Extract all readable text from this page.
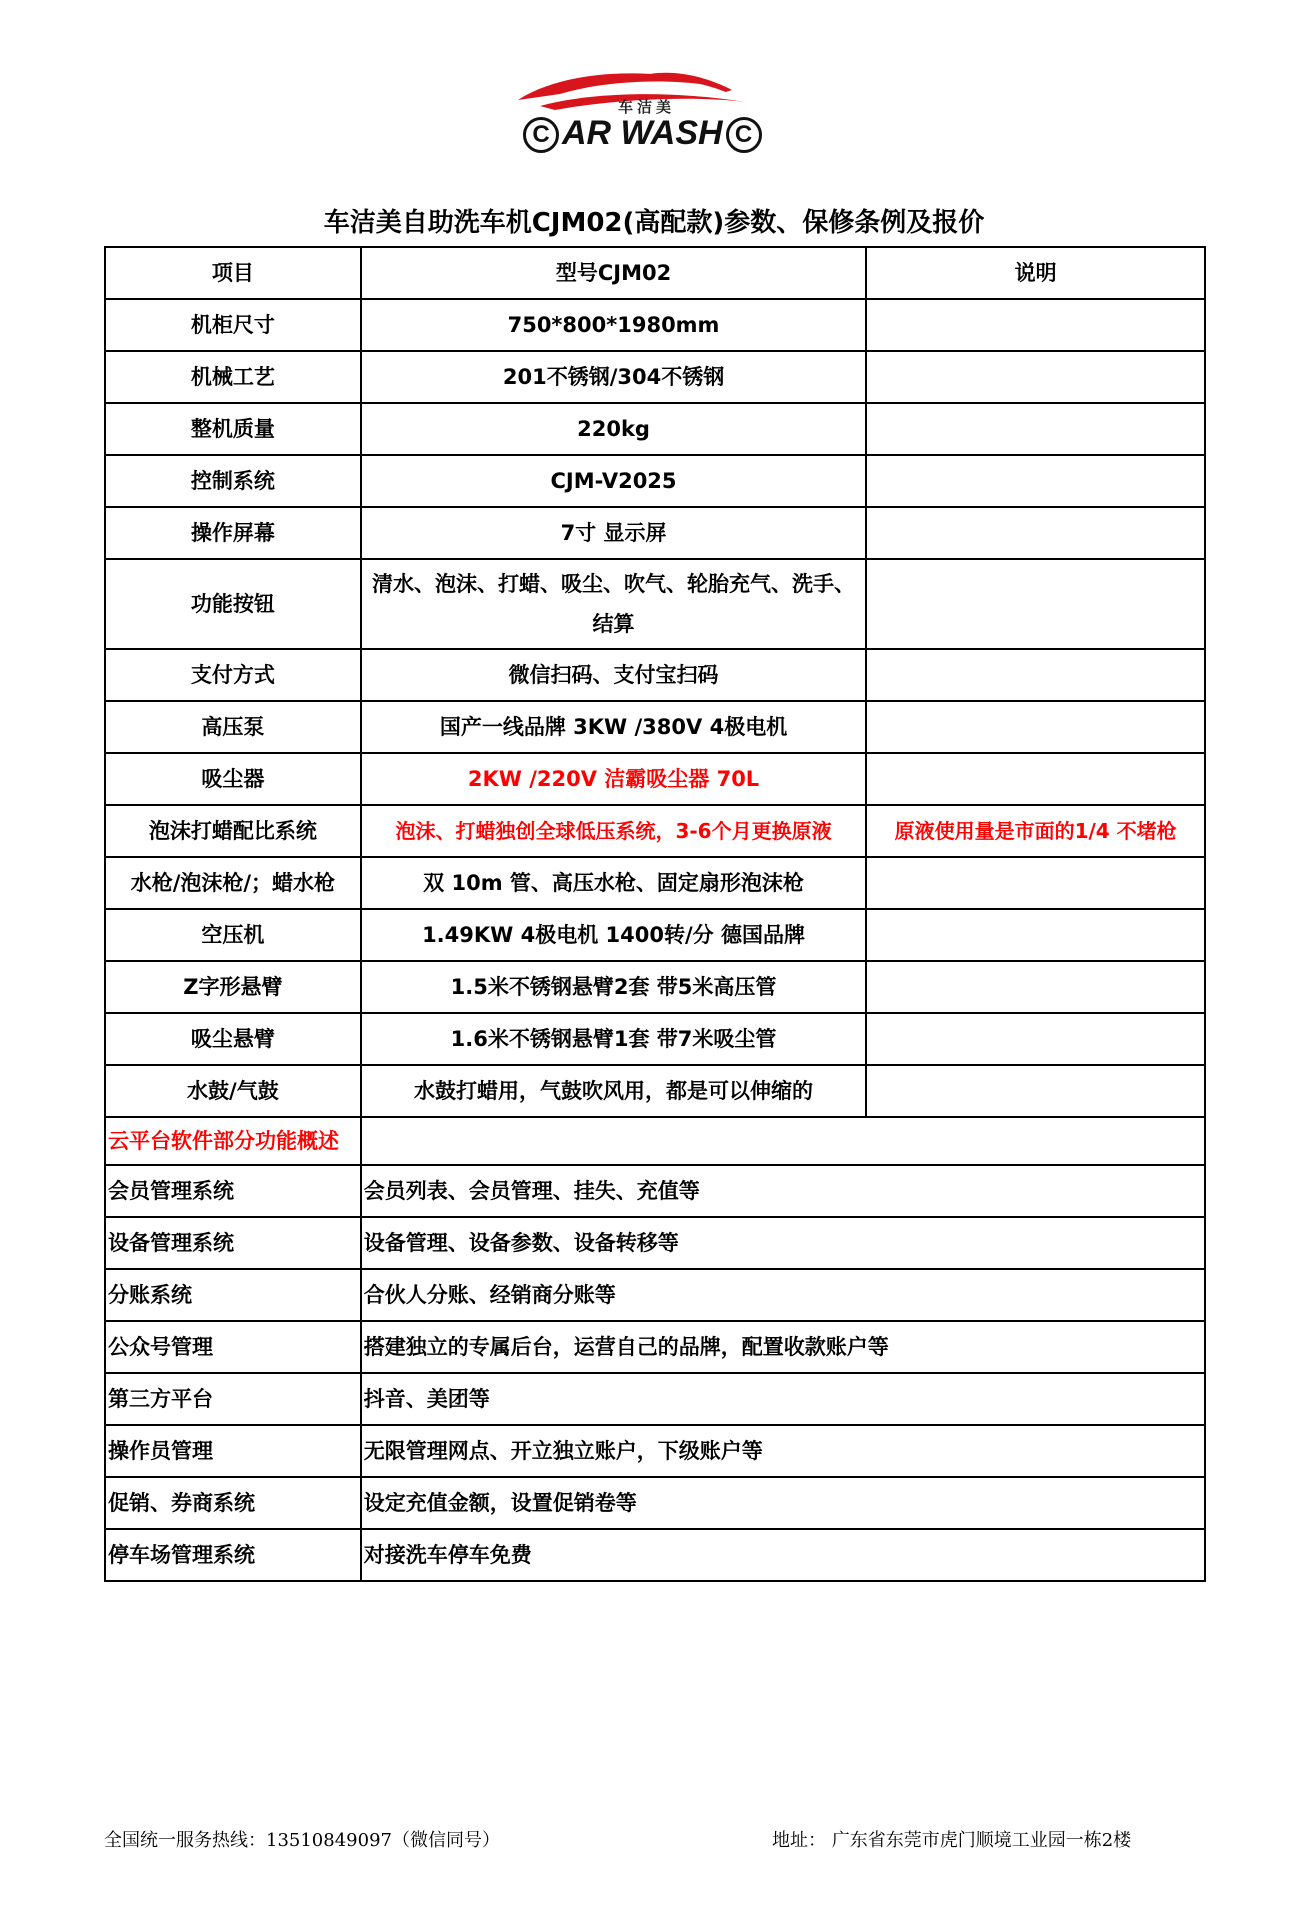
车洁美
C AR WASH C
车洁美自助洗车机CJM02(高配款)参数、保修条例及报价
项目	型号CJM02	说明
机柜尺寸	750*800*1980mm	
机械工艺	201不锈钢/304不锈钢	
整机质量	220kg	
控制系统	CJM-V2025	
操作屏幕	7寸 显示屏	
功能按钮	清水、泡沫、打蜡、吸尘、吹气、轮胎充气、洗手、结算	
支付方式	微信扫码、支付宝扫码	
高压泵	国产一线品牌 3KW /380V 4极电机	
吸尘器	2KW /220V 洁霸吸尘器 70L	
泡沫打蜡配比系统	泡沫、打蜡独创全球低压系统，3-6个月更换原液	原液使用量是市面的1/4 不堵枪
水枪/泡沫枪/；蜡水枪	双 10m 管、高压水枪、固定扇形泡沫枪	
空压机	1.49KW 4极电机 1400转/分 德国品牌	
Z字形悬臂	1.5米不锈钢悬臂2套 带5米高压管	
吸尘悬臂	1.6米不锈钢悬臂1套 带7米吸尘管	
水鼓/气鼓	水鼓打蜡用，气鼓吹风用，都是可以伸缩的	
云平台软件部分功能概述		
会员管理系统	会员列表、会员管理、挂失、充值等	
设备管理系统	设备管理、设备参数、设备转移等	
分账系统	合伙人分账、经销商分账等	
公众号管理	搭建独立的专属后台，运营自己的品牌，配置收款账户等	
第三方平台	抖音、美团等	
操作员管理	无限管理网点、开立独立账户，下级账户等	
促销、券商系统	设定充值金额，设置促销卷等	
停车场管理系统	对接洗车停车免费	
全国统一服务热线：13510849097（微信同号）	地址： 广东省东莞市虎门顺境工业园一栋2楼
